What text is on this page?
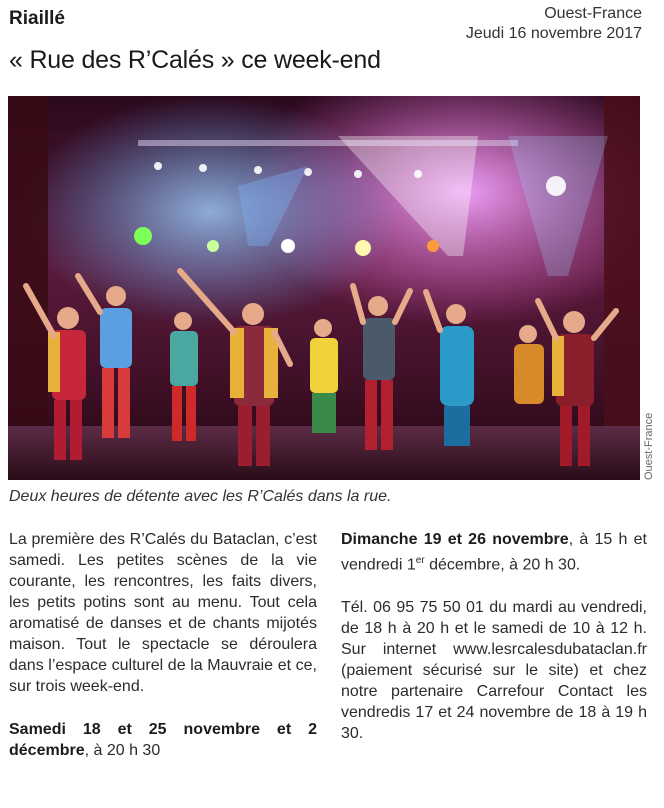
Riaillé	Ouest-France
Jeudi 16 novembre 2017
« Rue des R’Calés » ce week-end
Ouest-France
Deux heures de détente avec les R’Calés dans la rue.

La première des R’Calés du Bataclan, c’est samedi. Les petites scènes de la vie courante, les rencontres, les faits divers, les petits potins sont au menu. Tout cela aromatisé de danses et de chants mijotés maison. Tout le spectacle se déroulera dans l’espace culturel de la Mauvraie et ce, sur trois week-end.

Samedi 18 et 25 novembre et 2 décembre, à 20 h 30

Dimanche 19 et 26 novembre, à 15 h et vendredi 1er décembre, à 20 h 30.

Tél. 06 95 75 50 01 du mardi au vendredi, de 18 h à 20 h et le samedi de 10 à 12 h. Sur internet www.lesrcalesdubataclan.fr (paiement sécurisé sur le site) et chez notre partenaire Carrefour Contact les vendredis 17 et 24 novembre de 18 à 19 h 30.
